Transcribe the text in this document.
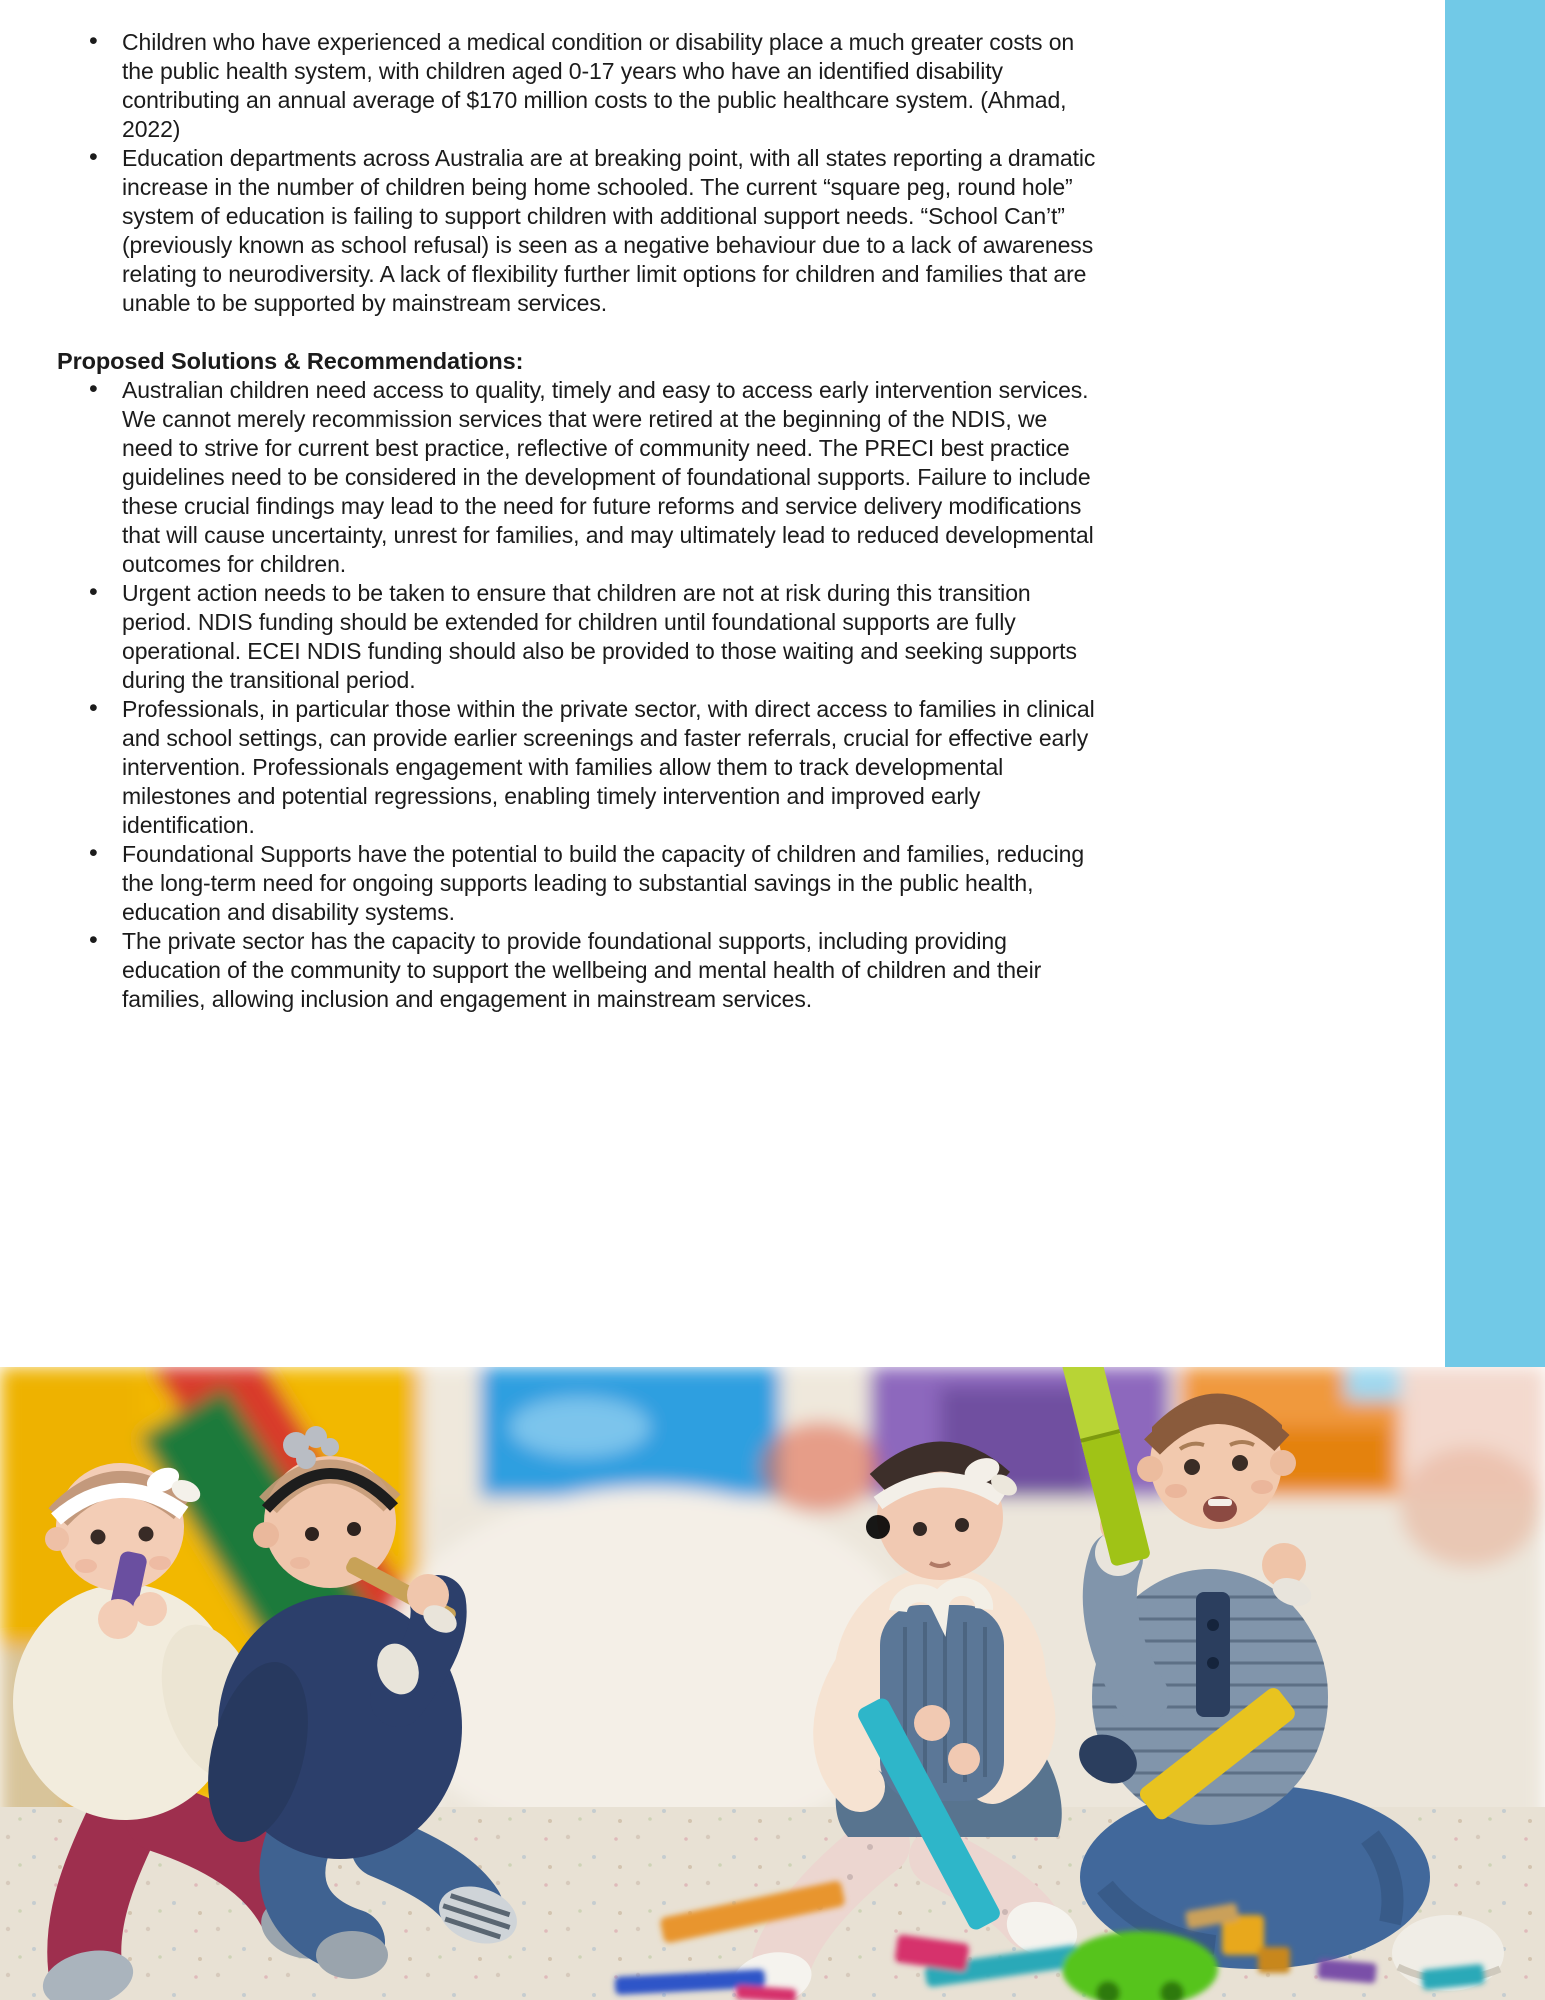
• Children who have experienced a medical condition or disability place a much greater costs on the public health system, with children aged 0-17 years who have an identified disability contributing an annual average of $170 million costs to the public healthcare system. (Ahmad, 2022)
• Education departments across Australia are at breaking point, with all states reporting a dramatic increase in the number of children being home schooled. The current “square peg, round hole” system of education is failing to support children with additional support needs. “School Can’t” (previously known as school refusal) is seen as a negative behaviour due to a lack of awareness relating to neurodiversity. A lack of flexibility further limit options for children and families that are unable to be supported by mainstream services.
Proposed Solutions & Recommendations:
• Australian children need access to quality, timely and easy to access early intervention services. We cannot merely recommission services that were retired at the beginning of the NDIS, we need to strive for current best practice, reflective of community need. The PRECI best practice guidelines need to be considered in the development of foundational supports. Failure to include these crucial findings may lead to the need for future reforms and service delivery modifications that will cause uncertainty, unrest for families, and may ultimately lead to reduced developmental outcomes for children.
• Urgent action needs to be taken to ensure that children are not at risk during this transition period. NDIS funding should be extended for children until foundational supports are fully operational. ECEI NDIS funding should also be provided to those waiting and seeking supports during the transitional period.
• Professionals, in particular those within the private sector, with direct access to families in clinical and school settings, can provide earlier screenings and faster referrals, crucial for effective early intervention. Professionals engagement with families allow them to track developmental milestones and potential regressions, enabling timely intervention and improved early identification.
• Foundational Supports have the potential to build the capacity of children and families, reducing the long-term need for ongoing supports leading to substantial savings in the public health, education and disability systems.
• The private sector has the capacity to provide foundational supports, including providing education of the community to support the wellbeing and mental health of children and their families, allowing inclusion and engagement in mainstream services.
